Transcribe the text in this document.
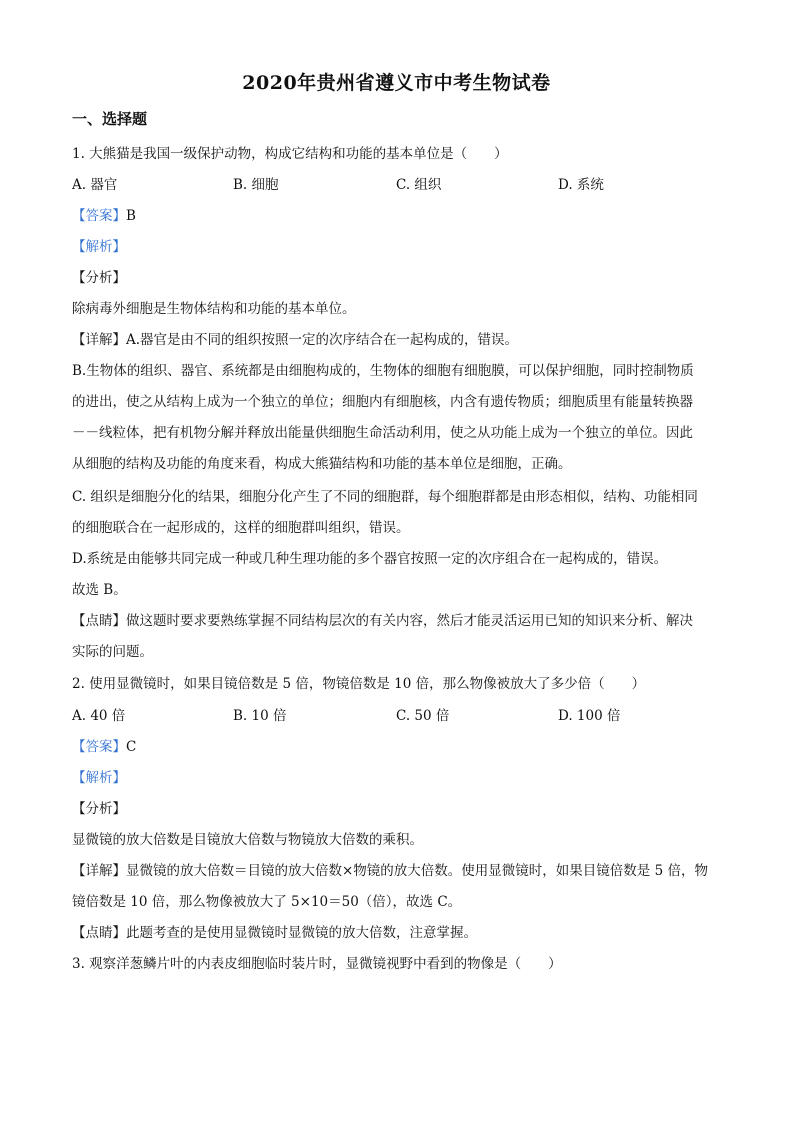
2020年贵州省遵义市中考生物试卷
一、选择题
1. 大熊猫是我国一级保护动物，构成它结构和功能的基本单位是（　　）
A. 器官	B. 细胞	C. 组织	D. 系统
【答案】B
【解析】
【分析】
除病毒外细胞是生物体结构和功能的基本单位。
【详解】A.器官是由不同的组织按照一定的次序结合在一起构成的，错误。
B.生物体的组织、器官、系统都是由细胞构成的，生物体的细胞有细胞膜，可以保护细胞，同时控制物质
的进出，使之从结构上成为一个独立的单位；细胞内有细胞核，内含有遗传物质；细胞质里有能量转换器
－－线粒体，把有机物分解并释放出能量供细胞生命活动利用，使之从功能上成为一个独立的单位。因此
从细胞的结构及功能的角度来看，构成大熊猫结构和功能的基本单位是细胞，正确。
C. 组织是细胞分化的结果，细胞分化产生了不同的细胞群，每个细胞群都是由形态相似，结构、功能相同
的细胞联合在一起形成的，这样的细胞群叫组织，错误。
D.系统是由能够共同完成一种或几种生理功能的多个器官按照一定的次序组合在一起构成的，错误。
故选 B。
【点睛】做这题时要求要熟练掌握不同结构层次的有关内容，然后才能灵活运用已知的知识来分析、解决
实际的问题。
2. 使用显微镜时，如果目镜倍数是 5 倍，物镜倍数是 10 倍，那么物像被放大了多少倍（　　）
A. 40 倍	B. 10 倍	C. 50 倍	D. 100 倍
【答案】C
【解析】
【分析】
显微镜的放大倍数是目镜放大倍数与物镜放大倍数的乘积。
【详解】显微镜的放大倍数＝目镜的放大倍数×物镜的放大倍数。使用显微镜时，如果目镜倍数是 5 倍，物
镜倍数是 10 倍，那么物像被放大了 5×10＝50（倍），故选 C。
【点睛】此题考查的是使用显微镜时显微镜的放大倍数，注意掌握。
3. 观察洋葱鳞片叶的内表皮细胞临时装片时，显微镜视野中看到的物像是（　　）
